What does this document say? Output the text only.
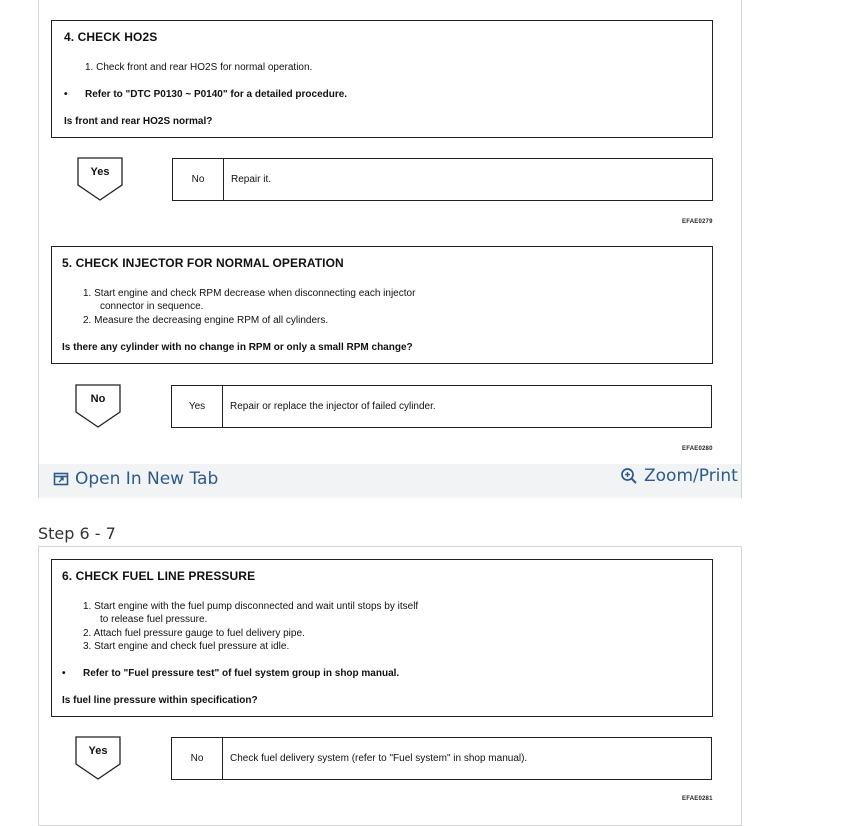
4. CHECK HO2S
1. Check front and rear HO2S for normal operation.
• Refer to "DTC P0130 ~ P0140" for a detailed procedure.
Is front and rear HO2S normal?
Yes
No	Repair it.
EFAE0279
5. CHECK INJECTOR FOR NORMAL OPERATION
1. Start engine and check RPM decrease when disconnecting each injector
connector in sequence.
2. Measure the decreasing engine RPM of all cylinders.
Is there any cylinder with no change in RPM or only a small RPM change?
No
Yes	Repair or replace the injector of failed cylinder.
EFAE0280
Open In New Tab	Zoom/Print
Step 6 - 7
6. CHECK FUEL LINE PRESSURE
1. Start engine with the fuel pump disconnected and wait until stops by itself
to release fuel pressure.
2. Attach fuel pressure gauge to fuel delivery pipe.
3. Start engine and check fuel pressure at idle.
• Refer to "Fuel pressure test" of fuel system group in shop manual.
Is fuel line pressure within specification?
Yes
No	Check fuel delivery system (refer to "Fuel system" in shop manual).
EFAE0281
